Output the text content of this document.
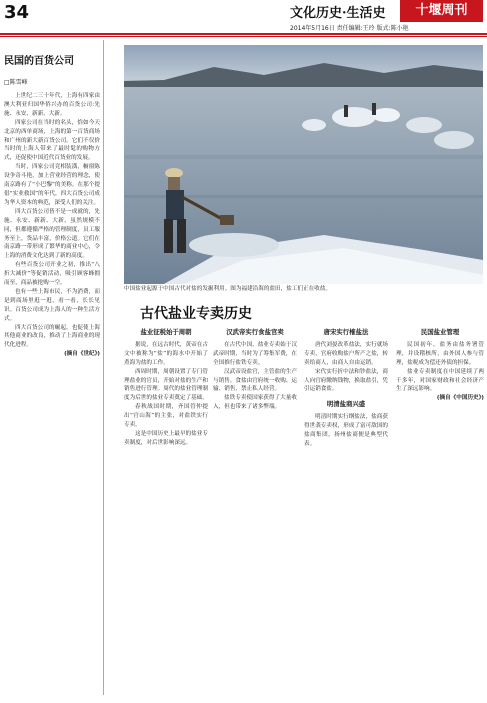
34	文化历史·生活史	十堰周刊
2014年5月16日 责任编辑:王玲 版式:陈小艳
民国的百货公司
□陈雪峰

上世纪二三十年代，上海有四家由澳大利亚归国华侨兴办的百货公司:先施、永安、新新、大新。

四家公司在当时的名头，恰如今天北京的西单商场，上海的第一百货商场和广州的新大新百货公司。它们不仅价当时的上海人带来了最时髦的购物方式，还促使中国近代百货业的发展。

当时，四家公司竞相装潢，橱窗陈设争奇斗艳，加上营业经营的理念，使南京路有了“小巴黎”的美称。在那个提倡“实业救国”的年代，四大百货公司成为华人资本的典范，深受人们的关注。

四大百货公司皆不是一成就的，先施、永安、新新、大新，虽然规模不同，但都遵循严格的管理制度，员工服务至上，货品丰富，价格公道。它们在南京路一带形成了繁华的商业中心，令上海的消费文化达到了新的高度。

有些百货公司开业之初，推出“八折大减价”等促销活动，吸引顾客蜂拥而至，商品被抢购一空。

也有一些上海市民，不为消费，而是到商场里逛一逛，看一看，长长见识。百货公司成为上海人的一种生活方式。

四大百货公司的崛起，也促使上海其他商业的改良，推动了上海商业的现代化进程。

(摘自《世纪》)

中国盐业起源于中国古代对盐的发掘利用。图为福建沿海的盐田，盐工们正在收盐。
古代盐业专卖历史
盐业征税始于周朝

据说，在远古时代，黄帝在古文中被称为“盐”的海水中开始了煮海为盐的工作。

西周时期，周朝设置了专门管理盐业的官员，开始对盐的生产和销售进行管理。周代的盐业管理制度为后世的盐业专卖奠定了基础。

春秋战国时期，齐国管仲提出“官山海”的主张，对盐铁实行专卖。

这是中国历史上最早的盐业专卖制度，对后世影响深远。

汉武帝实行食盐官卖

在古代中国，盐业专卖始于汉武帝时期，当时为了筹集军费，在全国推行盐铁专卖。

汉武帝设盐官，主管盐的生产与销售。食盐由官府统一收购、运输、销售，禁止私人经营。

盐铁专卖使国家获得了大量收入，但也带来了诸多弊端。

唐宋实行榷盐法

唐代刘晏改革盐法，实行就场专卖，官府收购盐户所产之盐，转卖给商人，由商人自由运销。

宋代实行折中法和钞盐法，商人向官府缴纳钱物，换取盐引，凭引运销食盐。

明清盐商兴盛

明清时期实行纲盐法，盐商获得世袭专卖权，形成了富可敌国的盐商集团，扬州盐商便是典型代表。

民国盐业管理

民国初年，盐务由盐务署管理，并设稽核所，由外国人参与管理，盐税成为偿还外债的担保。

盐业专卖制度在中国延续了两千多年，对国家财政和社会经济产生了深远影响。

(摘自《中国历史》)
